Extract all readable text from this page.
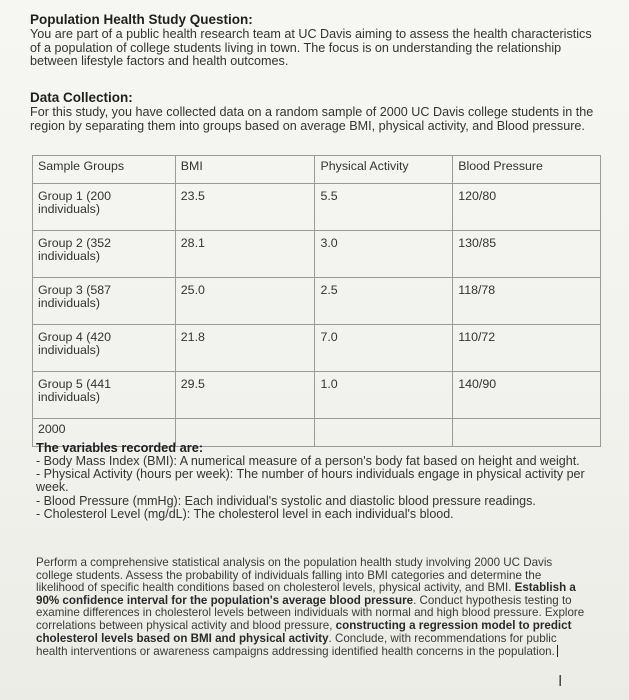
Population Health Study Question:

You are part of a public health research team at UC Davis aiming to assess the health characteristics of a population of college students living in town. The focus is on understanding the relationship between lifestyle factors and health outcomes.

Data Collection:

For this study, you have collected data on a random sample of 2000 UC Davis college students in the region by separating them into groups based on average BMI, physical activity, and Blood pressure.

Sample Groups	BMI	Physical Activity	Blood Pressure
Group 1 (200 individuals)	23.5	5.5	120/80
Group 2 (352 individuals)	28.1	3.0	130/85
Group 3 (587 individuals)	25.0	2.5	118/78
Group 4 (420 individuals)	21.8	7.0	110/72
Group 5 (441 individuals)	29.5	1.0	140/90
2000			
The variables recorded are:
- Body Mass Index (BMI): A numerical measure of a person's body fat based on height and weight.
- Physical Activity (hours per week): The number of hours individuals engage in physical activity per week.
- Blood Pressure (mmHg): Each individual's systolic and diastolic blood pressure readings.
- Cholesterol Level (mg/dL): The cholesterol level in each individual's blood.

Perform a comprehensive statistical analysis on the population health study involving 2000 UC Davis college students. Assess the probability of individuals falling into BMI categories and determine the likelihood of specific health conditions based on cholesterol levels, physical activity, and BMI. Establish a 90% confidence interval for the population's average blood pressure. Conduct hypothesis testing to examine differences in cholesterol levels between individuals with normal and high blood pressure. Explore correlations between physical activity and blood pressure, constructing a regression model to predict cholesterol levels based on BMI and physical activity. Conclude, with recommendations for public health interventions or awareness campaigns addressing identified health concerns in the population.

I
